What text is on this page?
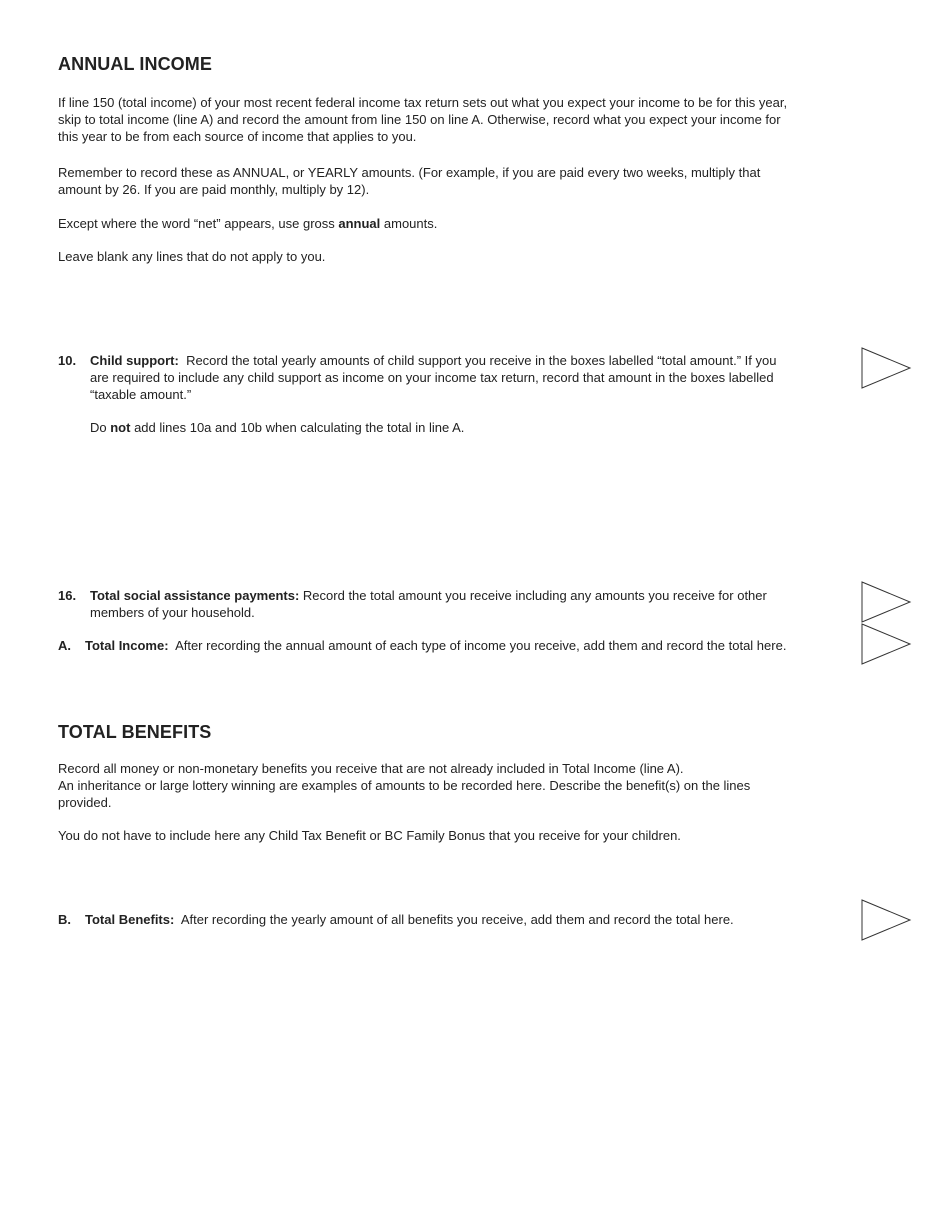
ANNUAL INCOME

If line 150 (total income) of your most recent federal income tax return sets out what you expect your income to be for this year, skip to total income (line A) and record the amount from line 150 on line A. Otherwise, record what you expect your income for this year to be from each source of income that applies to you.

Remember to record these as ANNUAL, or YEARLY amounts. (For example, if you are paid every two weeks, multiply that amount by 26. If you are paid monthly, multiply by 12).

Except where the word “net” appears, use gross annual amounts.

Leave blank any lines that do not apply to you.

10. Child support: Record the total yearly amounts of child support you receive in the boxes labelled “total amount.” If you are required to include any child support as income on your income tax return, record that amount in the boxes labelled “taxable amount.”

Do not add lines 10a and 10b when calculating the total in line A.

16. Total social assistance payments: Record the total amount you receive including any amounts you receive for other members of your household.

A. Total Income: After recording the annual amount of each type of income you receive, add them and record the total here.

TOTAL BENEFITS
Record all money or non-monetary benefits you receive that are not already included in Total Income (line A).
An inheritance or large lottery winning are examples of amounts to be recorded here. Describe the benefit(s) on the lines provided.

You do not have to include here any Child Tax Benefit or BC Family Bonus that you receive for your children.

B. Total Benefits: After recording the yearly amount of all benefits you receive, add them and record the total here.
